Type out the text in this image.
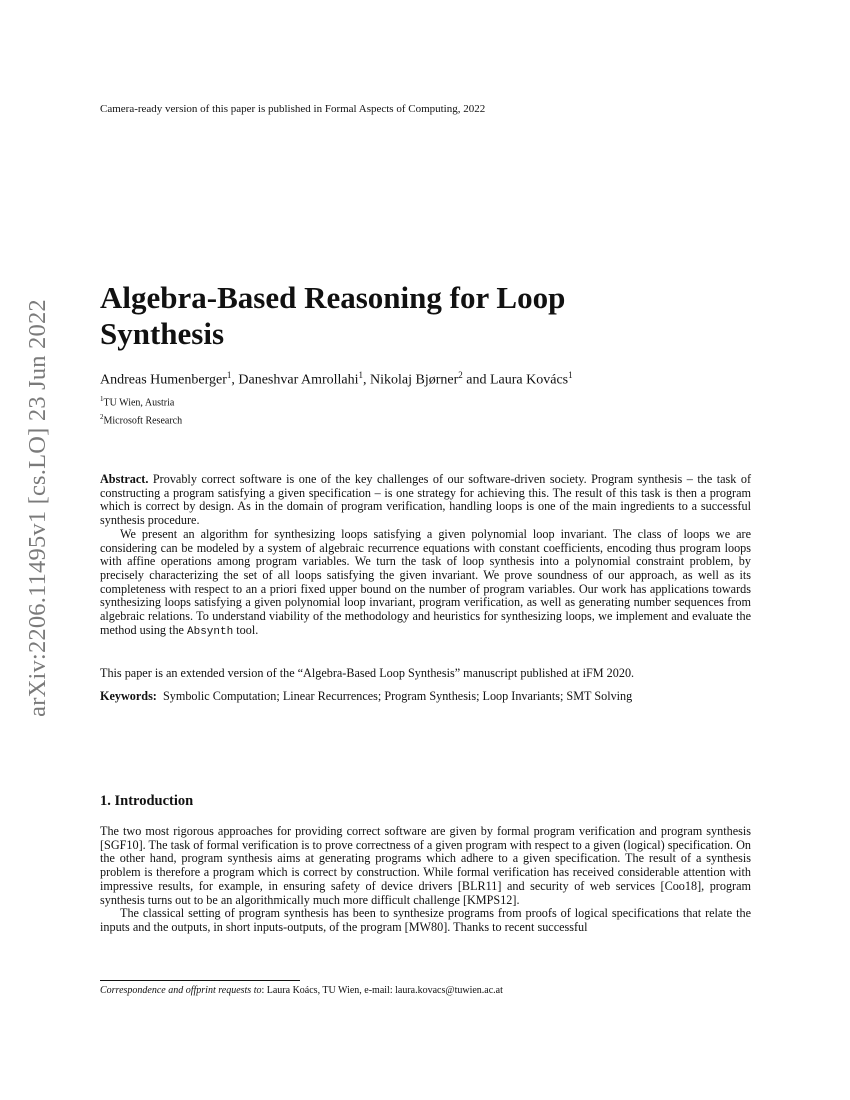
Camera-ready version of this paper is published in Formal Aspects of Computing, 2022
arXiv:2206.11495v1 [cs.LO] 23 Jun 2022
Algebra-Based Reasoning for Loop
Synthesis
Andreas Humenberger$^1$, Daneshvar Amrollahi$^1$, Nikolaj Bjørner$^2$ and Laura Kovács$^1$
$^1$TU Wien, Austria
$^2$Microsoft Research

Abstract. Provably correct software is one of the key challenges of our software-driven society. Program synthesis – the task of constructing a program satisfying a given specification – is one strategy for achieving this. The result of this task is then a program which is correct by design. As in the domain of program verification, handling loops is one of the main ingredients to a successful synthesis procedure.

We present an algorithm for synthesizing loops satisfying a given polynomial loop invariant. The class of loops we are considering can be modeled by a system of algebraic recurrence equations with constant coefficients, encoding thus program loops with affine operations among program variables. We turn the task of loop synthesis into a polynomial constraint problem, by precisely characterizing the set of all loops satisfying the given invariant. We prove soundness of our approach, as well as its completeness with respect to an a priori fixed upper bound on the number of program variables. Our work has applications towards synthesizing loops satisfying a given polynomial loop invariant, program verification, as well as generating number sequences from algebraic relations. To understand viability of the methodology and heuristics for synthesizing loops, we implement and evaluate the method using the Absynth tool.

This paper is an extended version of the “Algebra-Based Loop Synthesis” manuscript published at iFM 2020.
Keywords: Symbolic Computation; Linear Recurrences; Program Synthesis; Loop Invariants; SMT Solving
1. Introduction

The two most rigorous approaches for providing correct software are given by formal program verification and program synthesis [SGF10]. The task of formal verification is to prove correctness of a given program with respect to a given (logical) specification. On the other hand, program synthesis aims at generating programs which adhere to a given specification. The result of a synthesis problem is therefore a program which is correct by construction. While formal verification has received considerable attention with impressive results, for example, in ensuring safety of device drivers [BLR11] and security of web services [Coo18], program synthesis turns out to be an algorithmically much more difficult challenge [KMPS12].

The classical setting of program synthesis has been to synthesize programs from proofs of logical specifications that relate the inputs and the outputs, in short inputs-outputs, of the program [MW80]. Thanks to recent successful

Correspondence and offprint requests to: Laura Koács, TU Wien, e-mail: laura.kovacs@tuwien.ac.at
